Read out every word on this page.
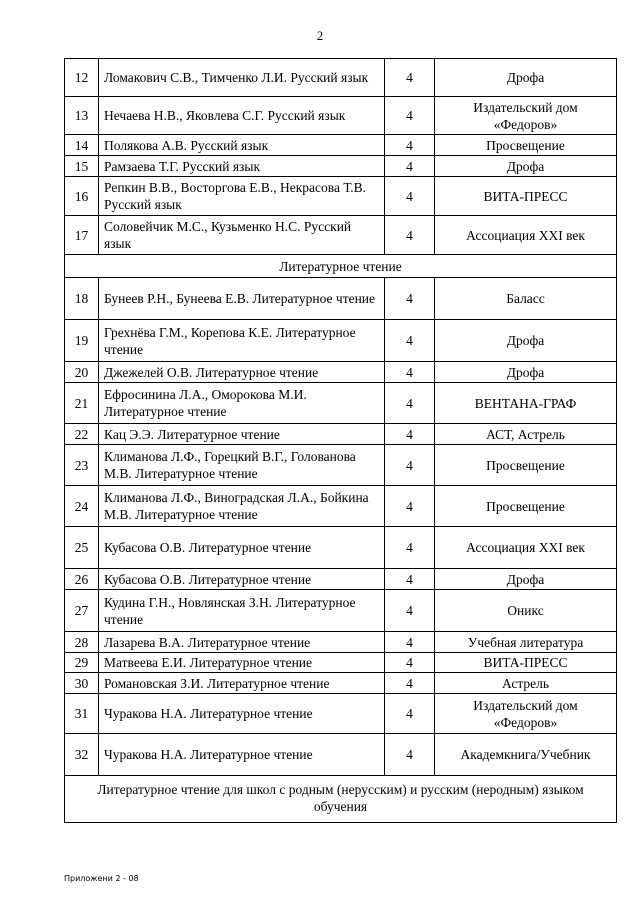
2
12	Ломакович С.В., Тимченко Л.И. Русский язык	4	Дрофа
13	Нечаева Н.В., Яковлева С.Г. Русский язык	4	Издательский дом «Федоров»
14	Полякова А.В. Русский язык	4	Просвещение
15	Рамзаева Т.Г. Русский язык	4	Дрофа
16	Репкин В.В., Восторгова Е.В., Некрасова Т.В. Русский язык	4	ВИТА-ПРЕСС
17	Соловейчик М.С., Кузьменко Н.С. Русский язык	4	Ассоциация XXI век
Литературное чтение			
18	Бунеев Р.Н., Бунеева Е.В. Литературное чтение	4	Баласс
19	Грехнёва Г.М., Корепова К.Е. Литературное чтение	4	Дрофа
20	Джежелей О.В. Литературное чтение	4	Дрофа
21	Ефросинина Л.А., Оморокова М.И. Литературное чтение	4	ВЕНТАНА-ГРАФ
22	Кац Э.Э. Литературное чтение	4	АСТ, Астрель
23	Климанова Л.Ф., Горецкий В.Г., Голованова М.В. Литературное чтение	4	Просвещение
24	Климанова Л.Ф., Виноградская Л.А., Бойкина М.В. Литературное чтение	4	Просвещение
25	Кубасова О.В. Литературное чтение	4	Ассоциация XXI век
26	Кубасова О.В. Литературное чтение	4	Дрофа
27	Кудина Г.Н., Новлянская З.Н. Литературное чтение	4	Оникс
28	Лазарева В.А. Литературное чтение	4	Учебная литература
29	Матвеева Е.И. Литературное чтение	4	ВИТА-ПРЕСС
30	Романовская З.И. Литературное чтение	4	Астрель
31	Чуракова Н.А. Литературное чтение	4	Издательский дом «Федоров»
32	Чуракова Н.А. Литературное чтение	4	Академкнига/Учебник
Литературное чтение для школ с родным (нерусским) и русским (неродным) языком обучения			
Приложени 2 - 08
